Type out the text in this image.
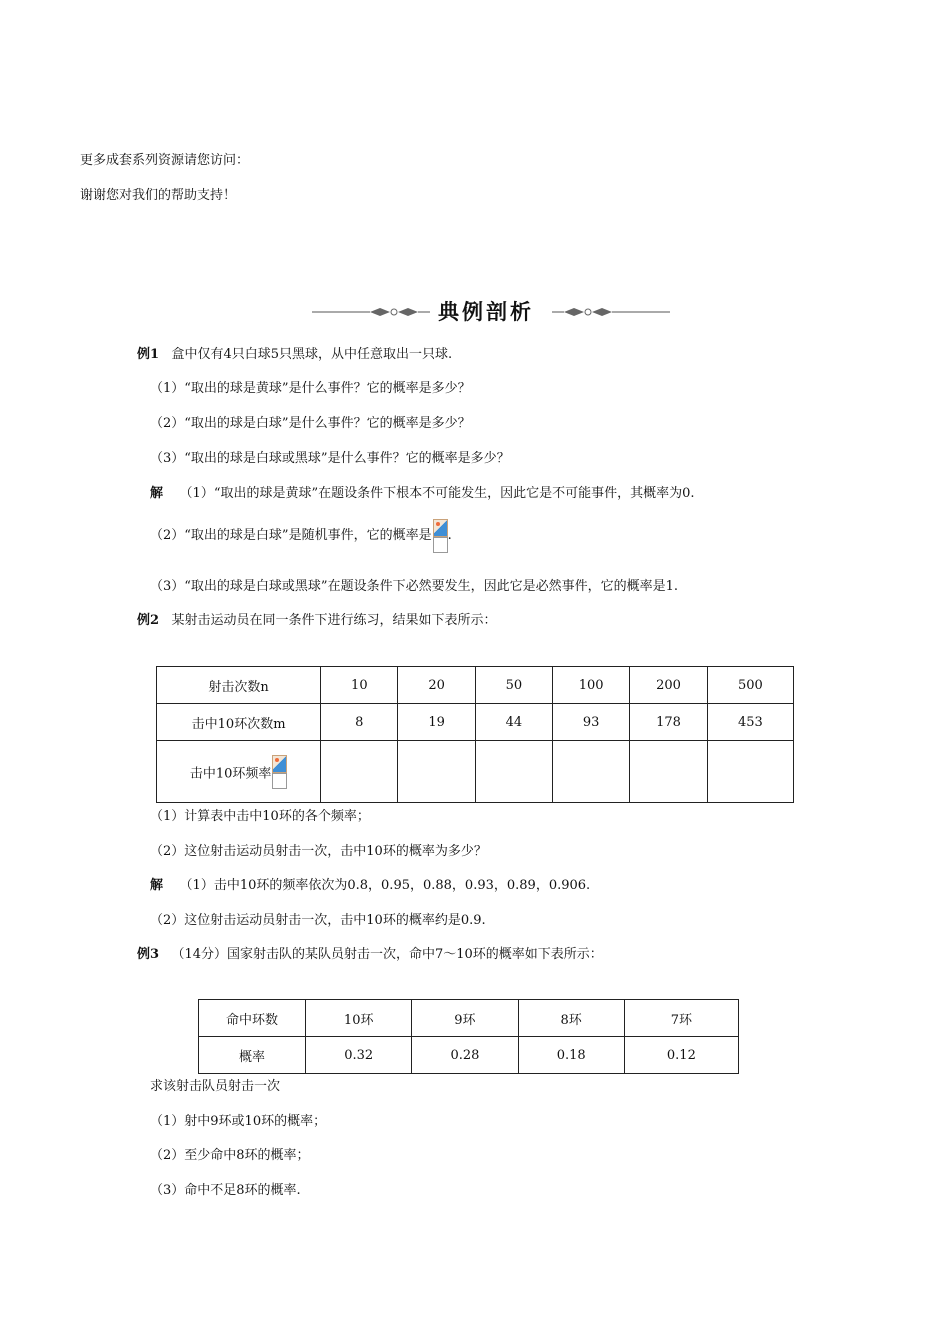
更多成套系列资源请您访问：
谢谢您对我们的帮助支持！
典例剖析
例1 盒中仅有4只白球5只黑球，从中任意取出一只球.
（1）“取出的球是黄球”是什么事件？它的概率是多少？
（2）“取出的球是白球”是什么事件？它的概率是多少？
（3）“取出的球是白球或黑球”是什么事件？它的概率是多少？
解 （1）“取出的球是黄球”在题设条件下根本不可能发生，因此它是不可能事件，其概率为0.
（2）“取出的球是白球”是随机事件，它的概率是 .
（3）“取出的球是白球或黑球”在题设条件下必然要发生，因此它是必然事件，它的概率是1.
例2 某射击运动员在同一条件下进行练习，结果如下表所示：
射击次数n	10	20	50	100	200	500
击中10环次数m	8	19	44	93	178	453
击中10环频率

（1）计算表中击中10环的各个频率；
（2）这位射击运动员射击一次，击中10环的概率为多少？
解 （1）击中10环的频率依次为0.8，0.95，0.88，0.93，0.89，0.906.
（2）这位射击运动员射击一次，击中10环的概率约是0.9.
例3 （14分）国家射击队的某队员射击一次，命中7～10环的概率如下表所示：
命中环数	10环	9环	8环	7环
概率	0.32	0.28	0.18	0.12
求该射击队员射击一次
（1）射中9环或10环的概率；
（2）至少命中8环的概率；
（3）命中不足8环的概率.
